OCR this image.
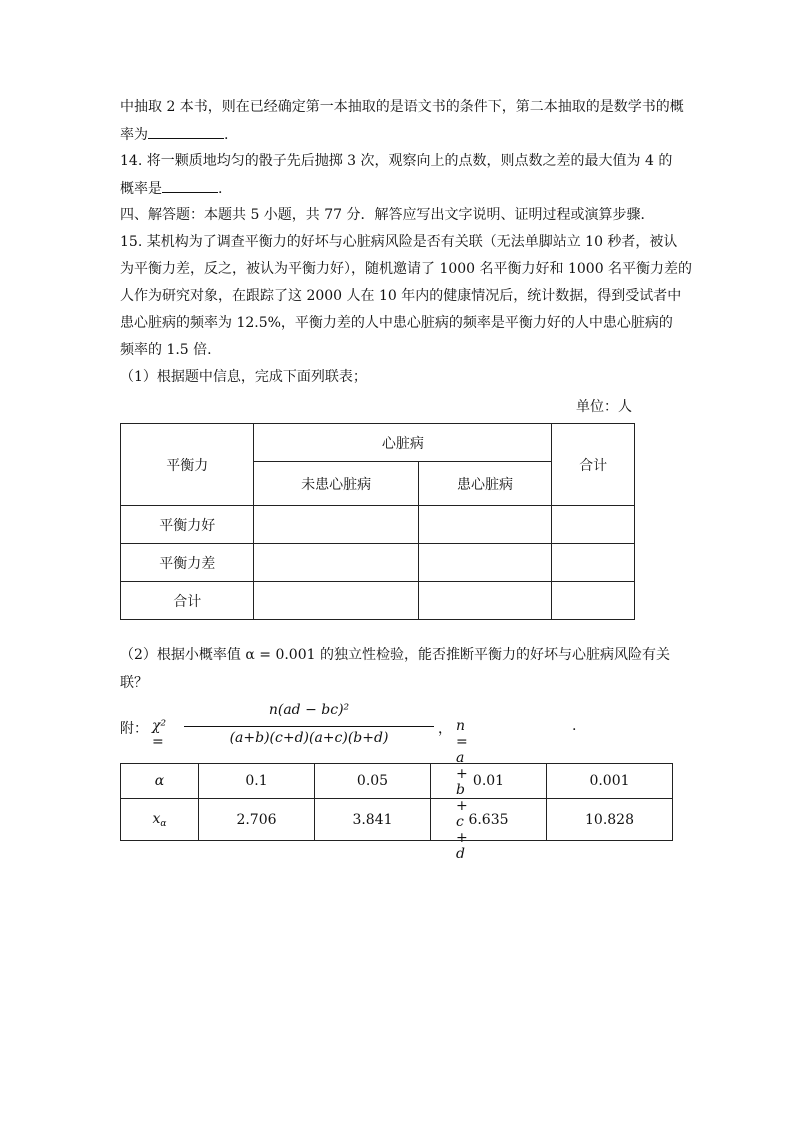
中抽取 2 本书，则在已经确定第一本抽取的是语文书的条件下，第二本抽取的是数学书的概
率为	.
14. 将一颗质地均匀的骰子先后抛掷 3 次，观察向上的点数，则点数之差的最大值为 4 的
概率是	.
四、解答题：本题共 5 小题，共 77 分．解答应写出文字说明、证明过程或演算步骤．
15. 某机构为了调查平衡力的好坏与心脏病风险是否有关联（无法单脚站立 10 秒者，被认
为平衡力差，反之，被认为平衡力好），随机邀请了 1000 名平衡力好和 1000 名平衡力差的
人作为研究对象，在跟踪了这 2000 人在 10 年内的健康情况后，统计数据，得到受试者中
患心脏病的频率为 12.5%，平衡力差的人中患心脏病的频率是平衡力好的人中患心脏病的
频率的 1.5 倍.
（1）根据题中信息，完成下面列联表；
单位：人
平衡力	心脏病		合计
	未患心脏病	患心脏病	
平衡力好			
平衡力差			
合计			
（2）根据小概率值 α = 0.001 的独立性检验，能否推断平衡力的好坏与心脏病风险有关
联？
附： χ² =
n(ad − bc)²
(a+b)(c+d)(a+c)(b+d)
， n = a + b + c + d
.
α	0.1	0.05	0.01	0.001
$x_\alpha$	2.706	3.841	6.635	10.828
